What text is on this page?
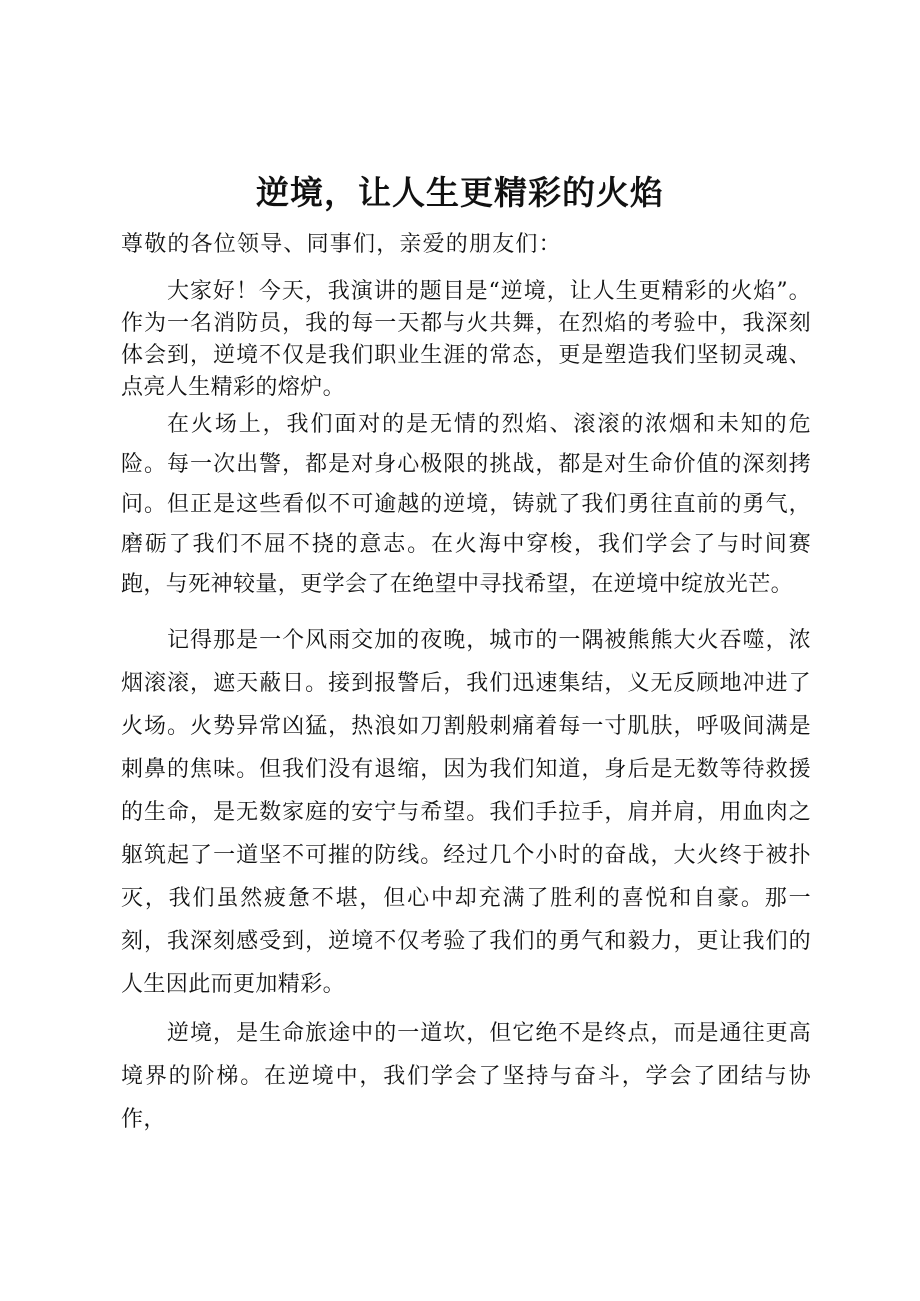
逆境，让人生更精彩的火焰
尊敬的各位领导、同事们，亲爱的朋友们：

大家好！今天，我演讲的题目是“逆境，让人生更精彩的火焰”。作为一名消防员，我的每一天都与火共舞，在烈焰的考验中，我深刻体会到，逆境不仅是我们职业生涯的常态，更是塑造我们坚韧灵魂、点亮人生精彩的熔炉。

在火场上，我们面对的是无情的烈焰、滚滚的浓烟和未知的危险。每一次出警，都是对身心极限的挑战，都是对生命价值的深刻拷问。但正是这些看似不可逾越的逆境，铸就了我们勇往直前的勇气，磨砺了我们不屈不挠的意志。在火海中穿梭，我们学会了与时间赛跑，与死神较量，更学会了在绝望中寻找希望，在逆境中绽放光芒。

记得那是一个风雨交加的夜晚，城市的一隅被熊熊大火吞噬，浓烟滚滚，遮天蔽日。接到报警后，我们迅速集结，义无反顾地冲进了火场。火势异常凶猛，热浪如刀割般刺痛着每一寸肌肤，呼吸间满是刺鼻的焦味。但我们没有退缩，因为我们知道，身后是无数等待救援的生命，是无数家庭的安宁与希望。我们手拉手，肩并肩，用血肉之躯筑起了一道坚不可摧的防线。经过几个小时的奋战，大火终于被扑灭，我们虽然疲惫不堪，但心中却充满了胜利的喜悦和自豪。那一刻，我深刻感受到，逆境不仅考验了我们的勇气和毅力，更让我们的人生因此而更加精彩。

逆境，是生命旅途中的一道坎，但它绝不是终点，而是通往更高境界的阶梯。在逆境中，我们学会了坚持与奋斗，学会了团结与协作，
